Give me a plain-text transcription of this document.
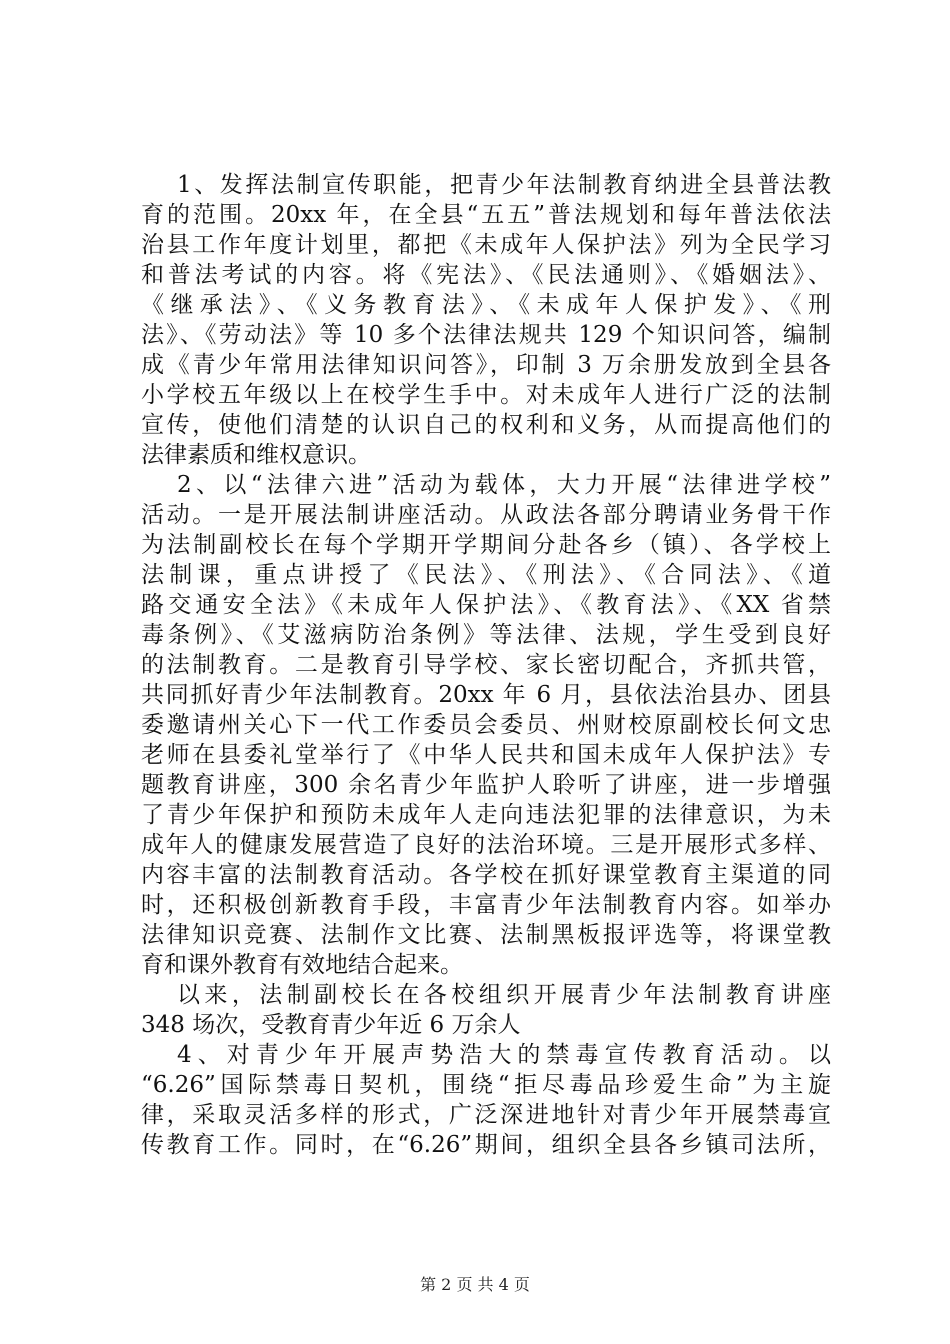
1、发挥法制宣传职能，把青少年法制教育纳进全县普法教
育的范围。20xx 年，在全县“五五”普法规划和每年普法依法
治县工作年度计划里，都把《未成年人保护法》列为全民学习
和普法考试的内容。将《宪法》、《民法通则》、《婚姻法》、
《继承法》、《义务教育法》、《未成年人保护发》、《刑
法》、《劳动法》等 10 多个法律法规共 129 个知识问答，编制
成《青少年常用法律知识问答》，印制 3 万余册发放到全县各
小学校五年级以上在校学生手中。对未成年人进行广泛的法制
宣传，使他们清楚的认识自己的权利和义务，从而提高他们的
法律素质和维权意识。
2、以“法律六进”活动为载体，大力开展“法律进学校”
活动。一是开展法制讲座活动。从政法各部分聘请业务骨干作
为法制副校长在每个学期开学期间分赴各乡（镇）、各学校上
法制课，重点讲授了《民法》、《刑法》、《合同法》、《道
路交通安全法》《未成年人保护法》、《教育法》、《XX 省禁
毒条例》、《艾滋病防治条例》等法律、法规，学生受到良好
的法制教育。二是教育引导学校、家长密切配合，齐抓共管，
共同抓好青少年法制教育。20xx 年 6 月，县依法治县办、团县
委邀请州关心下一代工作委员会委员、州财校原副校长何文忠
老师在县委礼堂举行了《中华人民共和国未成年人保护法》专
题教育讲座，300 余名青少年监护人聆听了讲座，进一步增强
了青少年保护和预防未成年人走向违法犯罪的法律意识，为未
成年人的健康发展营造了良好的法治环境。三是开展形式多样、
内容丰富的法制教育活动。各学校在抓好课堂教育主渠道的同
时，还积极创新教育手段，丰富青少年法制教育内容。如举办
法律知识竞赛、法制作文比赛、法制黑板报评选等，将课堂教
育和课外教育有效地结合起来。
以来，法制副校长在各校组织开展青少年法制教育讲座
348 场次，受教育青少年近 6 万余人
4、对青少年开展声势浩大的禁毒宣传教育活动。以
“6.26”国际禁毒日契机，围绕“拒尽毒品珍爱生命”为主旋
律，采取灵活多样的形式，广泛深进地针对青少年开展禁毒宣
传教育工作。同时，在“6.26”期间，组织全县各乡镇司法所，
第 2 页 共 4 页
